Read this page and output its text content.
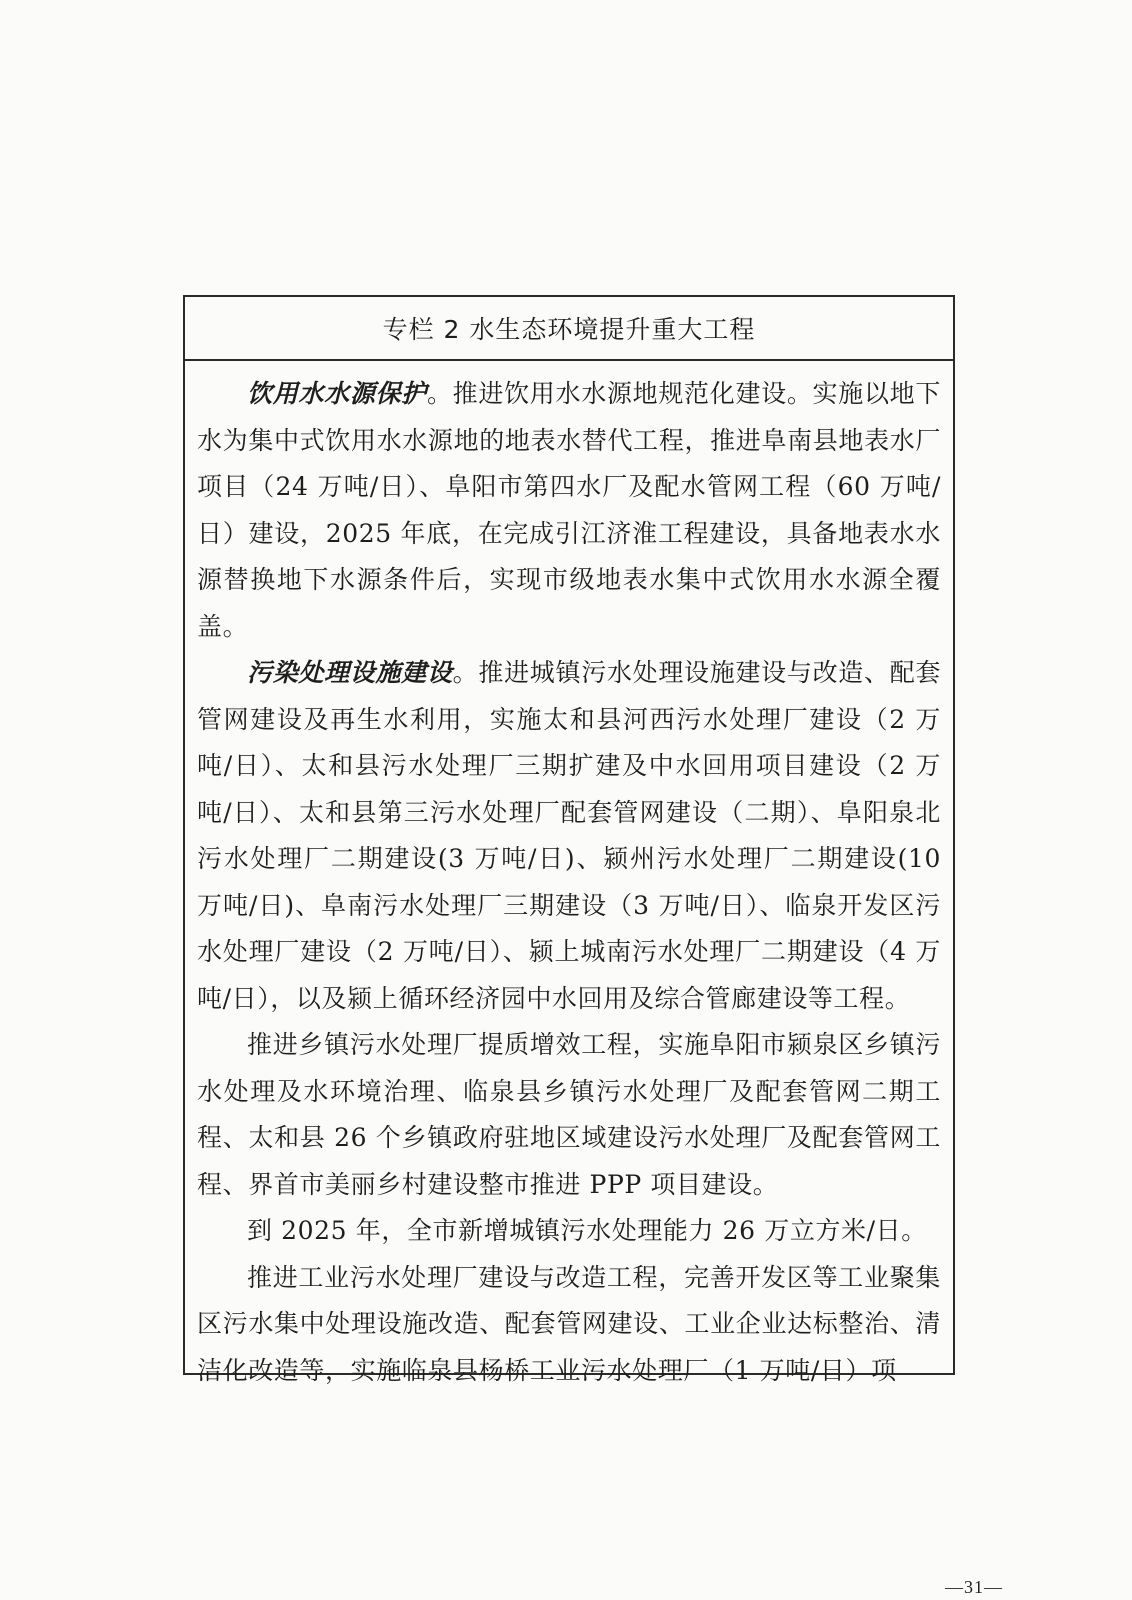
专栏 2 水生态环境提升重大工程

饮用水水源保护。推进饮用水水源地规范化建设。实施以地下水为集中式饮用水水源地的地表水替代工程，推进阜南县地表水厂项目（24 万吨/日）、阜阳市第四水厂及配水管网工程（60 万吨/日）建设，2025 年底，在完成引江济淮工程建设，具备地表水水源替换地下水源条件后，实现市级地表水集中式饮用水水源全覆盖。

污染处理设施建设。推进城镇污水处理设施建设与改造、配套管网建设及再生水利用，实施太和县河西污水处理厂建设（2 万吨/日）、太和县污水处理厂三期扩建及中水回用项目建设（2 万吨/日）、太和县第三污水处理厂配套管网建设（二期）、阜阳泉北污水处理厂二期建设(3 万吨/日)、颍州污水处理厂二期建设(10 万吨/日)、阜南污水处理厂三期建设（3 万吨/日）、临泉开发区污水处理厂建设（2 万吨/日）、颍上城南污水处理厂二期建设（4 万吨/日），以及颍上循环经济园中水回用及综合管廊建设等工程。

推进乡镇污水处理厂提质增效工程，实施阜阳市颍泉区乡镇污水处理及水环境治理、临泉县乡镇污水处理厂及配套管网二期工程、太和县 26 个乡镇政府驻地区域建设污水处理厂及配套管网工程、界首市美丽乡村建设整市推进 PPP 项目建设。

到 2025 年，全市新增城镇污水处理能力 26 万立方米/日。

推进工业污水处理厂建设与改造工程，完善开发区等工业聚集区污水集中处理设施改造、配套管网建设、工业企业达标整治、清洁化改造等，实施临泉县杨桥工业污水处理厂（1 万吨/日）项

—31—
